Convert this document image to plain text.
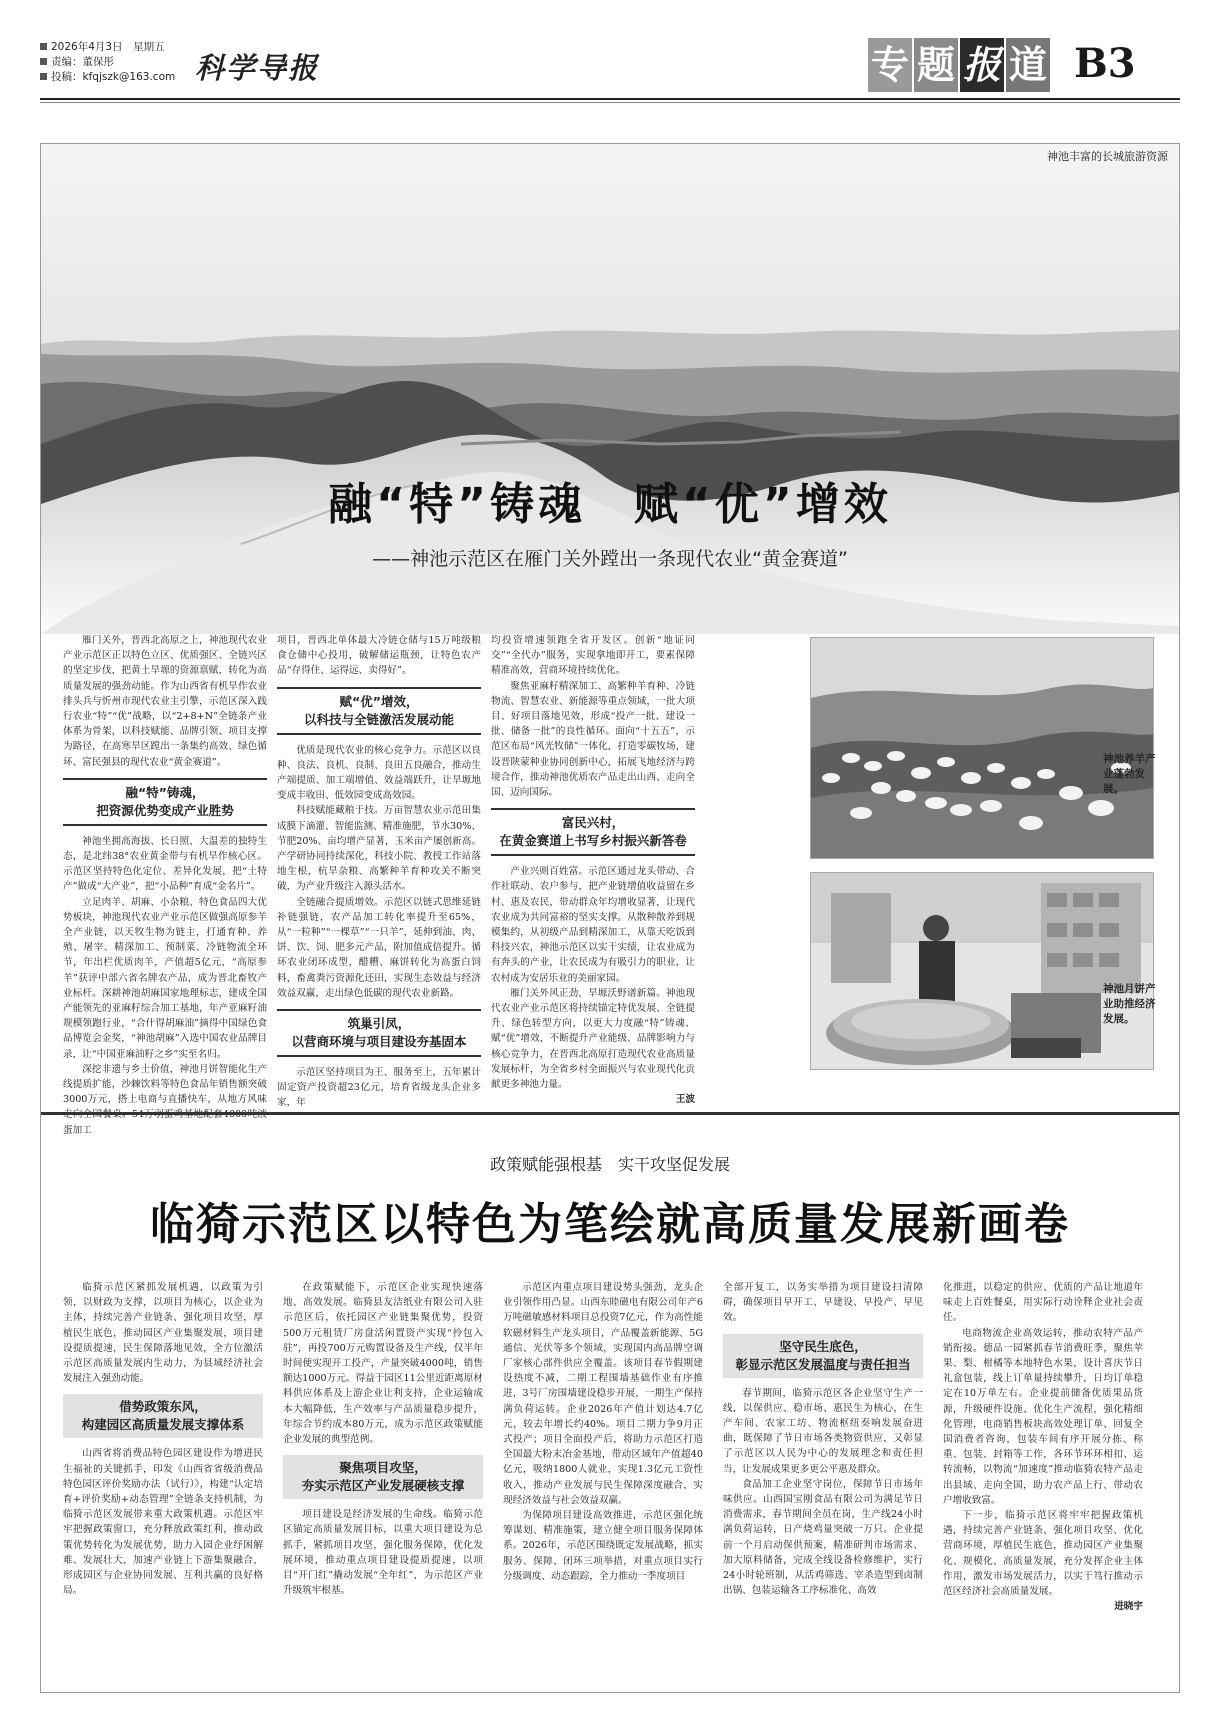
2026年4月3日　星期五
责编：董保彤
投稿：kfqjszk@163.com 科学导报	专 题 报 道 B3
神池丰富的长城旅游资源
融“特”铸魂　赋“优”增效
——神池示范区在雁门关外蹚出一条现代农业“黄金赛道”

雁门关外，晋西北高原之上，神池现代农业产业示范区正以特色立区、优质强区、全链兴区的坚定步伐，把黄土旱塬的资源禀赋，转化为高质量发展的强劲动能。作为山西省有机旱作农业排头兵与忻州市现代农业主引擎，示范区深入践行农业“特”“优”战略，以“2+8+N”全链条产业体系为骨架，以科技赋能、品牌引领、项目支撑为路径，在高寒旱区蹚出一条集约高效、绿色循环、富民强县的现代农业“黄金赛道”。

融“特”铸魂，
把资源优势变成产业胜势

神池坐拥高海拔、长日照、大温差的独特生态，是北纬38°农业黄金带与有机旱作核心区。示范区坚持特色化定位、差异化发展，把“土特产”做成“大产业”，把“小品种”育成“金名片”。

立足肉羊、胡麻、小杂粮、特色食品四大优势板块，神池现代农业产业示范区做强高原参羊全产业链，以天牧生物为链主，打通育种、养殖、屠宰、精深加工、预制菜、冷链物流全环节，年出栏优质肉羊，产值超5亿元，“高原参羊”获评中部六省名牌农产品，成为晋北畜牧产业标杆。深耕神池胡麻国家地理标志，建成全国产能领先的亚麻籽综合加工基地，年产亚麻籽油规模领跑行业，“合什得胡麻油”摘得中国绿色食品博览会金奖，“神池胡麻”入选中国农业品牌目录，让“中国亚麻油籽之乡”实至名归。

深挖非遗与乡土价值，神池月饼智能化生产线提质扩能，沙棘饮料等特色食品年销售额突破3000万元，搭上电商与直播快车，从地方风味 蛋加工

项目，晋西北单体最大冷链仓储与15万吨级粮食仓储中心投用，破解储运瓶颈，让特色农产品“存得住、运得远、卖得好”。

赋“优”增效，
以科技与全链激活发展动能

优质是现代农业的核心竞争力。示范区以良种、良法、良机、良制、良田五良融合，推动生产端提质、加工端增值、效益端跃升，让旱塬地变成丰收田、低效园变成高效园。

科技赋能藏粮于技。万亩智慧农业示范田集成膜下滴灌、智能监测、精准施肥，节水30%、节肥20%、亩均增产显著，玉米亩产屡创新高。产学研协同持续深化，科技小院、教授工作站落地生根，杭旱杂粮、高繁种羊育种攻关不断突破，为产业升级注入源头活水。

全链融合提质增效。示范区以链式思维延链补链强链，农产品加工转化率提升至65%，从“一粒种”“一棵草”“一只羊”，延伸到油、肉、饼、饮、饲、肥多元产品，附加值成倍提升。循环农业闭环成型，醋糟、麻饼转化为高蛋白饲料，畜禽粪污资源化还田，实现生态效益与经济效益双赢，走出绿色低碳的现代农业新路。

筑巢引凤，
以营商环境与项目建设夯基固本

示范区坚持项目为王、服务至上，五年累计固定资产投资超23亿元，培育省级龙头企业多家，年

均投资增速领跑全省开发区。创新“地证同交”“全代办”服务，实现拿地即开工，要素保障精准高效，营商环境持续优化。

聚焦亚麻籽精深加工、高繁种羊育种、冷链物流、智慧农业、新能源等重点领域，一批大项目、好项目落地见效，形成“投产一批、建设一批、储备一批”的良性循环。面向“十五五”，示范区布局“风光牧储”一体化，打造零碳牧场，建设晋陕蒙种业协同创新中心，拓展飞地经济与跨境合作，推动神池优质农产品走出山西、走向全国、迈向国际。

富民兴村，
在黄金赛道上书写乡村振兴新答卷

产业兴则百姓富。示范区通过龙头带动、合作社联动、农户参与，把产业链增值收益留在乡村、惠及农民，带动群众年均增收显著，让现代农业成为共同富裕的坚实支撑。从散种散养到规模集约，从初级产品到精深加工，从靠天吃饭到科技兴农，神池示范区以实干实绩，让农业成为有奔头的产业，让农民成为有吸引力的职业，让农村成为安居乐业的美丽家园。

雁门关外风正劲，旱塬沃野谱新篇。神池现代农业产业示范区将持续锚定特优发展、全链提升、绿色转型方向，以更大力度融“特”铸魂、赋“优”增效，不断提升产业能级、品牌影响力与核心竞争力，在晋西北高原打造现代农业高质量发展标杆，为全省乡村全面振兴与农业现代化贡献更多神池力量。

王波
神池养羊产业蓬勃发展。
神池月饼产业助推经济发展。
政策赋能强根基　实干攻坚促发展
临猗示范区以特色为笔绘就高质量发展新画卷

临猗示范区紧抓发展机遇，以政策为引领，以财政为支撑，以项目为核心，以企业为主体，持续完善产业链条、强化项目攻坚，厚植民生底色，推动园区产业集聚发展，项目建设提质提速，民生保障落地见效，全方位激活示范区高质量发展内生动力，为县域经济社会发展注入强劲动能。

借势政策东风，
构建园区高质量发展支撑体系

山西省将消费品特色园区建设作为增进民生福祉的关键抓手，印发《山西省省级消费品特色园区评价奖励办法（试行）》，构建“认定培育+评价奖励+动态管理”全链条支持机制，为临猗示范区发展带来重大政策机遇。示范区牢牢把握政策窗口，充分释放政策红利，推动政策优势转化为发展优势，助力入园企业纾困解难、发展壮大，加速产业链上下游集聚融合，形成园区与企业协同发展、互利共赢的良好格局。

在政策赋能下，示范区企业实现快速落地、高效发展。临猗县友洁纸业有限公司入驻示范区后，依托园区产业链集聚优势，投资500万元租赁厂房盘活闲置资产实现“拎包入驻”，再投700万元购置设备及生产线，仅半年时间便实现开工投产，产量突破4000吨，销售额达1000万元。得益于园区11公里近距离原材料供应体系及上游企业让利支持，企业运输成本大幅降低，生产效率与产品质量稳步提升，年综合节约成本80万元，成为示范区政策赋能企业发展的典型范例。

聚焦项目攻坚，
夯实示范区产业发展硬核支撑

项目建设是经济发展的生命线。临猗示范区锚定高质量发展目标，以重大项目建设为总抓手，紧抓项目攻坚，强化服务保障，优化发展环境，推动重点项目建设提质提速，以项目“开门红”撬动发展“全年红”，为示范区产业升级筑牢根基。

示范区内重点项目建设势头强劲，龙头企业引领作用凸显。山西东睦磁电有限公司年产6万吨磁敏感材料项目总投资7亿元，作为高性能软磁材料生产龙头项目，产品覆盖新能源、5G通信、光伏等多个领域，实现国内高品牌空调厂家核心部件供应全覆盖。该项目春节假期建设热度不减，二期工程围墙基础作业有序推进，3号厂房围墙建设稳步开展，一期生产保持满负荷运转。企业2026年产值计划达4.7亿元，较去年增长约40%。项目二期力争9月正式投产；项目全面投产后，将助力示范区打造全国最大粉末冶金基地，带动区域年产值超40亿元，吸纳1800人就业，实现1.3亿元工资性收入，推动产业发展与民生保障深度融合，实现经济效益与社会效益双赢。

为保障项目建设高效推进，示范区强化统筹谋划、精准施策，建立健全项目服务保障体系。2026年，示范区围绕既定发展战略，抓实服务、保障、闭环三项举措，对重点项目实行分级调度、动态跟踪，全力推动一季度项目

全部开复工，以务实举措为项目建设扫清障碍，确保项目早开工、早建设、早投产、早见效。

坚守民生底色，
彰显示范区发展温度与责任担当

春节期间，临猗示范区各企业坚守生产一线，以保供应、稳市场、惠民生为核心，在生产车间、农家工坊、物流枢纽奏响发展奋进曲，既保障了节日市场各类物资供应，又彰显了示范区以人民为中心的发展理念和责任担当，让发展成果更多更公平惠及群众。

食品加工企业坚守岗位，保障节日市场年味供应。山西国宝刚食品有限公司为满足节日消费需求，春节期间全员在岗，生产线24小时满负荷运转，日产烧鸡量突破一万只。企业提前一个月启动保供预案，精准研判市场需求、加大原料储备，完成全线设备检修维护，实行24小时轮班制，从活鸡筛选、宰杀造型到卤制出锅、包装运输各工序标准化、高效

化推进，以稳定的供应、优质的产品让地道年味走上百姓餐桌，用实际行动诠释企业社会责任。

电商物流企业高效运转，推动农特产品产销衔接。德品一园紧抓春节消费旺季，聚焦苹果、梨、柑橘等本地特色水果，设计喜庆节日礼盒包装，线上订单量持续攀升，日均订单稳定在10万单左右。企业提前储备优质果品货源，升级硬件设施、优化生产流程，强化精细化管理，电商销售板块高效处理订单、回复全国消费者咨询，包装车间有序开展分拣、称重、包装、封箱等工作，各环节环环相扣、运转流畅，以物流“加速度”推动临猗农特产品走出县域、走向全国，助力农产品上行、带动农户增收致富。

下一步，临猗示范区将牢牢把握政策机遇，持续完善产业链条、强化项目攻坚、优化营商环境，厚植民生底色，推动园区产业集聚化、规模化、高质量发展，充分发挥企业主体作用，激发市场发展活力，以实干笃行推动示范区经济社会高质量发展。

进晓宇
